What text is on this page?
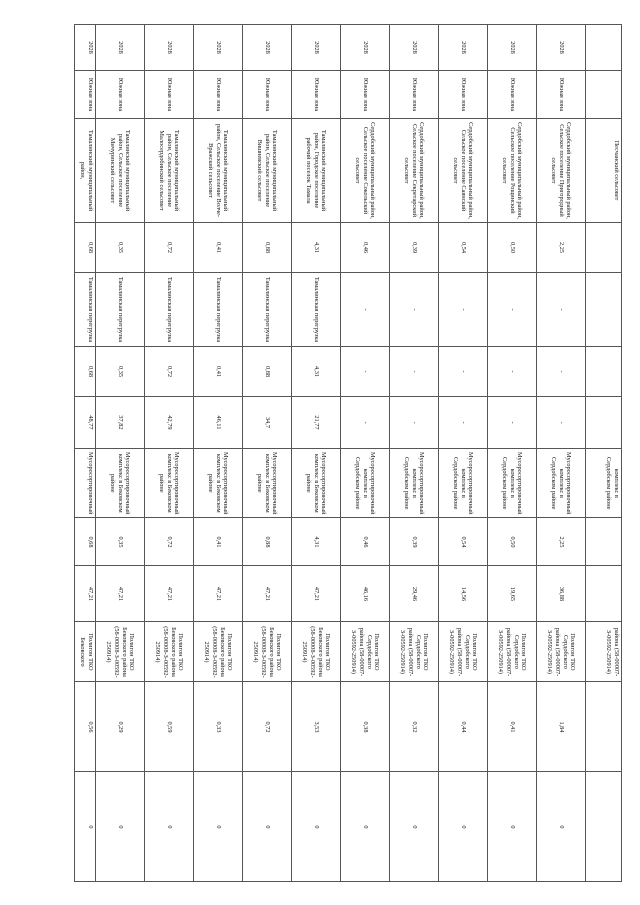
		Песчанский сельсовет					комплекс в Сердобском районе			района (58-00007-З-00592-250914)		
2028	Южная зона	Сердобский муниципальный район, Сельское поселение Пригородный сельсовет	2,25	-	-	-	Мусоросортировочный комплекс в Сердобском районе	2,25	36,88	Полигон ТКО Сердобского района (58-00007-З-00592-250914)	1,84	0
2028	Южная зона	Сердобский муниципальный район, Сельское поселение Рощинский сельсовет	0,50	-	-	-	Мусоросортировочный комплекс в Сердобском районе	0,50	19,65	Полигон ТКО Сердобского района (58-00007-З-00592-250914)	0,41	0
2028	Южная зона	Сердобский муниципальный район, Сельское поселение Саянский сельсовет	0,54	-	-	-	Мусоросортировочный комплекс в Сердобском районе	0,54	14,56	Полигон ТКО Сердобского района (58-00007-З-00592-250914)	0,44	0
2028	Южная зона	Сердобский муниципальный район, Сельское поселение Секретарский сельсовет	0,39	-	-	-	Мусоросортировочный комплекс в Сердобском районе	0,39	29,46	Полигон ТКО Сердобского района (58-00007-З-00592-250914)	0,32	0
2028	Южная зона	Сердобский муниципальный район, Сельское поселение Сокольский сельсовет	0,46	-	-	-	Мусоросортировочный комплекс в Сердобском районе	0,46	46,16	Полигон ТКО Сердобского района (58-00007-З-00592-250914)	0,38	0
2028	Южная зона	Тамалинский муниципальный район, Городское поселение рабочий поселок Тамала	4,31	Тамалинская перегрузка	4,31	21,77	Мусоросортировочный комплекс в Бековском районе	4,31	47,21	Полигон ТКО Бековского района (58-00008-З-00592-250914)	3,53	0
2028	Южная зона	Тамалинский муниципальный район, Сельское поселение Вишневский сельсовет	0,88	Тамалинская перегрузка	0,88	34,7	Мусоросортировочный комплекс в Бековском районе	0,88	47,21	Полигон ТКО Бековского района (58-00008-З-00592-250914)	0,72	0
2028	Южная зона	Тамалинский муниципальный район, Сельское поселение Волче-Вражский сельсовет	0,41	Тамалинская перегрузка	0,41	46,11	Мусоросортировочный комплекс в Бековском районе	0,41	47,21	Полигон ТКО Бековского района (58-00008-З-00592-250914)	0,33	0
2028	Южная зона	Тамалинский муниципальный район, Сельское поселение Малосердобинский сельсовет	0,72	Тамалинская перегрузка	0,72	42,79	Мусоросортировочный комплекс в Бековском районе	0,72	47,21	Полигон ТКО Бековского района (58-00008-З-00592-250914)	0,59	0
2028	Южная зона	Тамалинский муниципальный район, Сельское поселение Мичуринский сельсовет	0,35	Тамалинская перегрузка	0,35	37,82	Мусоросортировочный комплекс в Бековском районе	0,35	47,21	Полигон ТКО Бековского района (58-00008-З-00592-250914)	0,29	0
2028	Южная зона	Тамалинский муниципальный район,	0,68	Тамалинская перегрузка	0,68	48,77	Мусоросортировочный	0,68	47,21	Полигон ТКО Бековского	0,56	0
